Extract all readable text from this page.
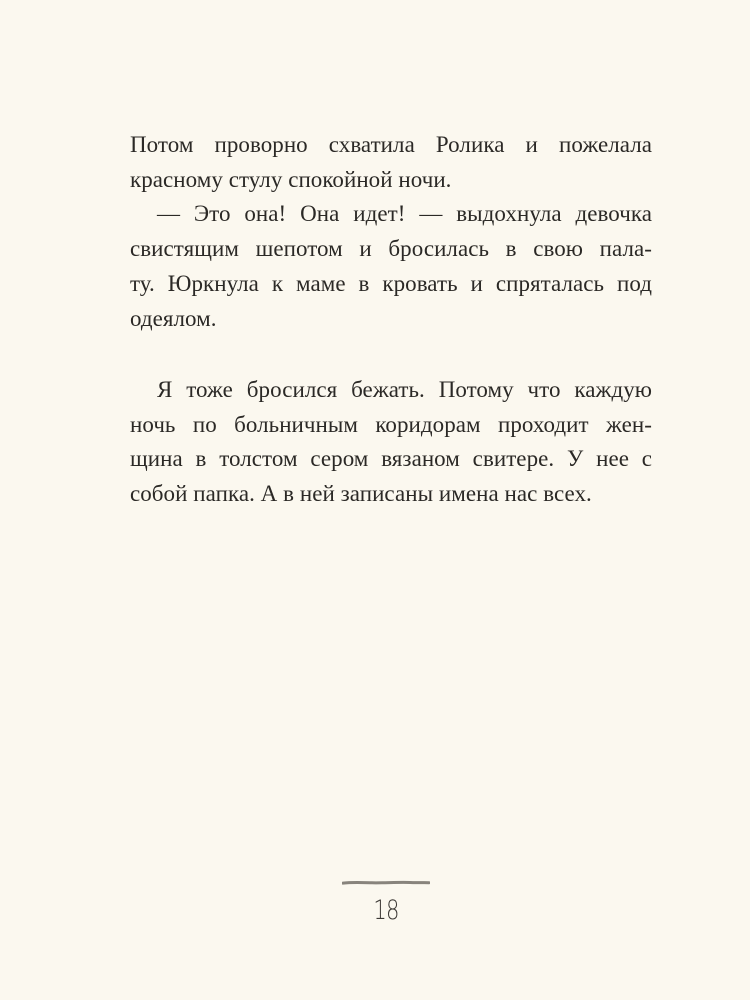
Потом проворно схватила Ролика и пожелала
красному стулу спокойной ночи.
— Это она! Она идет! — выдохнула девочка
свистящим шепотом и бросилась в свою пала-
ту. Юркнула к маме в кровать и спряталась под
одеялом.
Я тоже бросился бежать. Потому что каждую
ночь по больничным коридорам проходит жен-
щина в толстом сером вязаном свитере. У нее с
собой папка. А в ней записаны имена нас всех.
18
